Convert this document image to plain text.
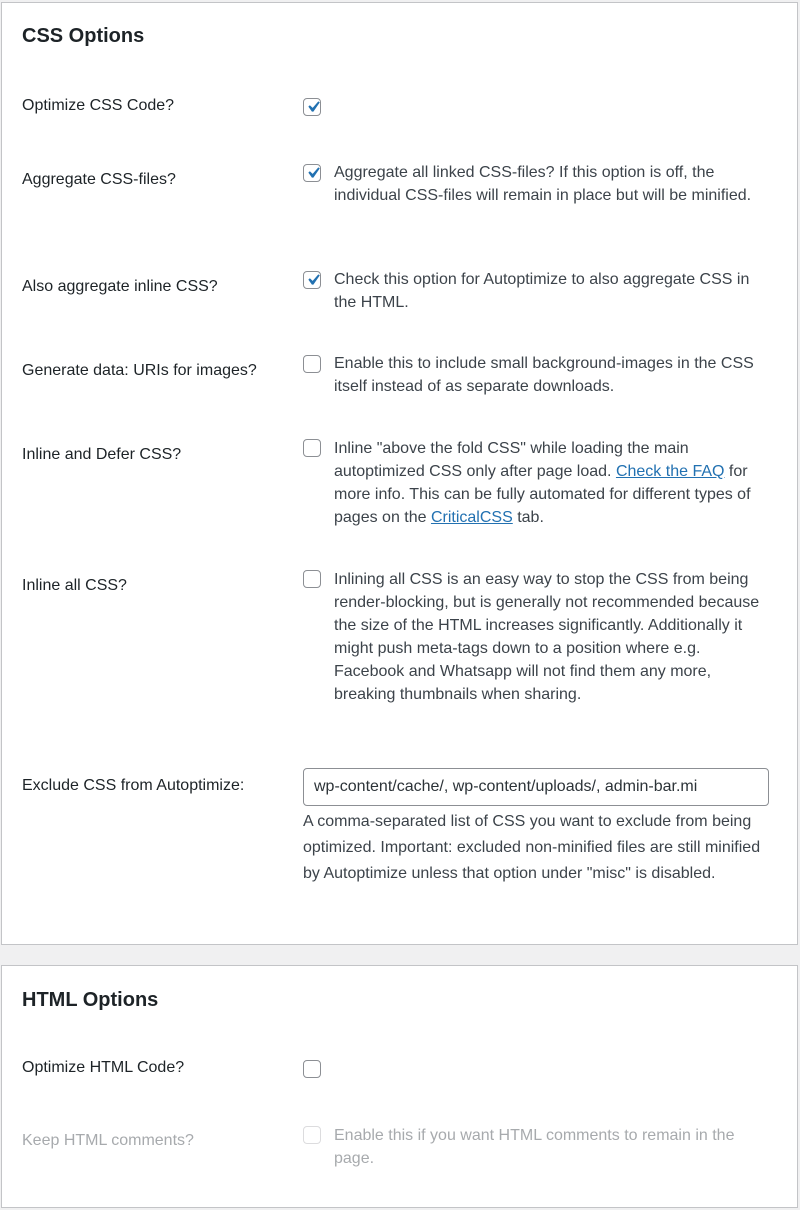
CSS Options
Optimize CSS Code?
Aggregate CSS-files?	Aggregate all linked CSS-files? If this option is off, the individual CSS-files will remain in place but will be minified.
Also aggregate inline CSS?	Check this option for Autoptimize to also aggregate CSS in the HTML.
Generate data: URIs for images?	Enable this to include small background-images in the CSS itself instead of as separate downloads.
Inline and Defer CSS?	Inline "above the fold CSS" while loading the main autoptimized CSS only after page load. Check the FAQ for more info. This can be fully automated for different types of pages on the CriticalCSS tab.
Inline all CSS?	Inlining all CSS is an easy way to stop the CSS from being render-blocking, but is generally not recommended because the size of the HTML increases significantly. Additionally it might push meta-tags down to a position where e.g. Facebook and Whatsapp will not find them any more, breaking thumbnails when sharing.
Exclude CSS from Autoptimize:	wp-content/cache/, wp-content/uploads/, admin-bar.mi
A comma-separated list of CSS you want to exclude from being optimized. Important: excluded non-minified files are still minified by Autoptimize unless that option under "misc" is disabled.
HTML Options
Optimize HTML Code?
Keep HTML comments?	Enable this if you want HTML comments to remain in the page.
